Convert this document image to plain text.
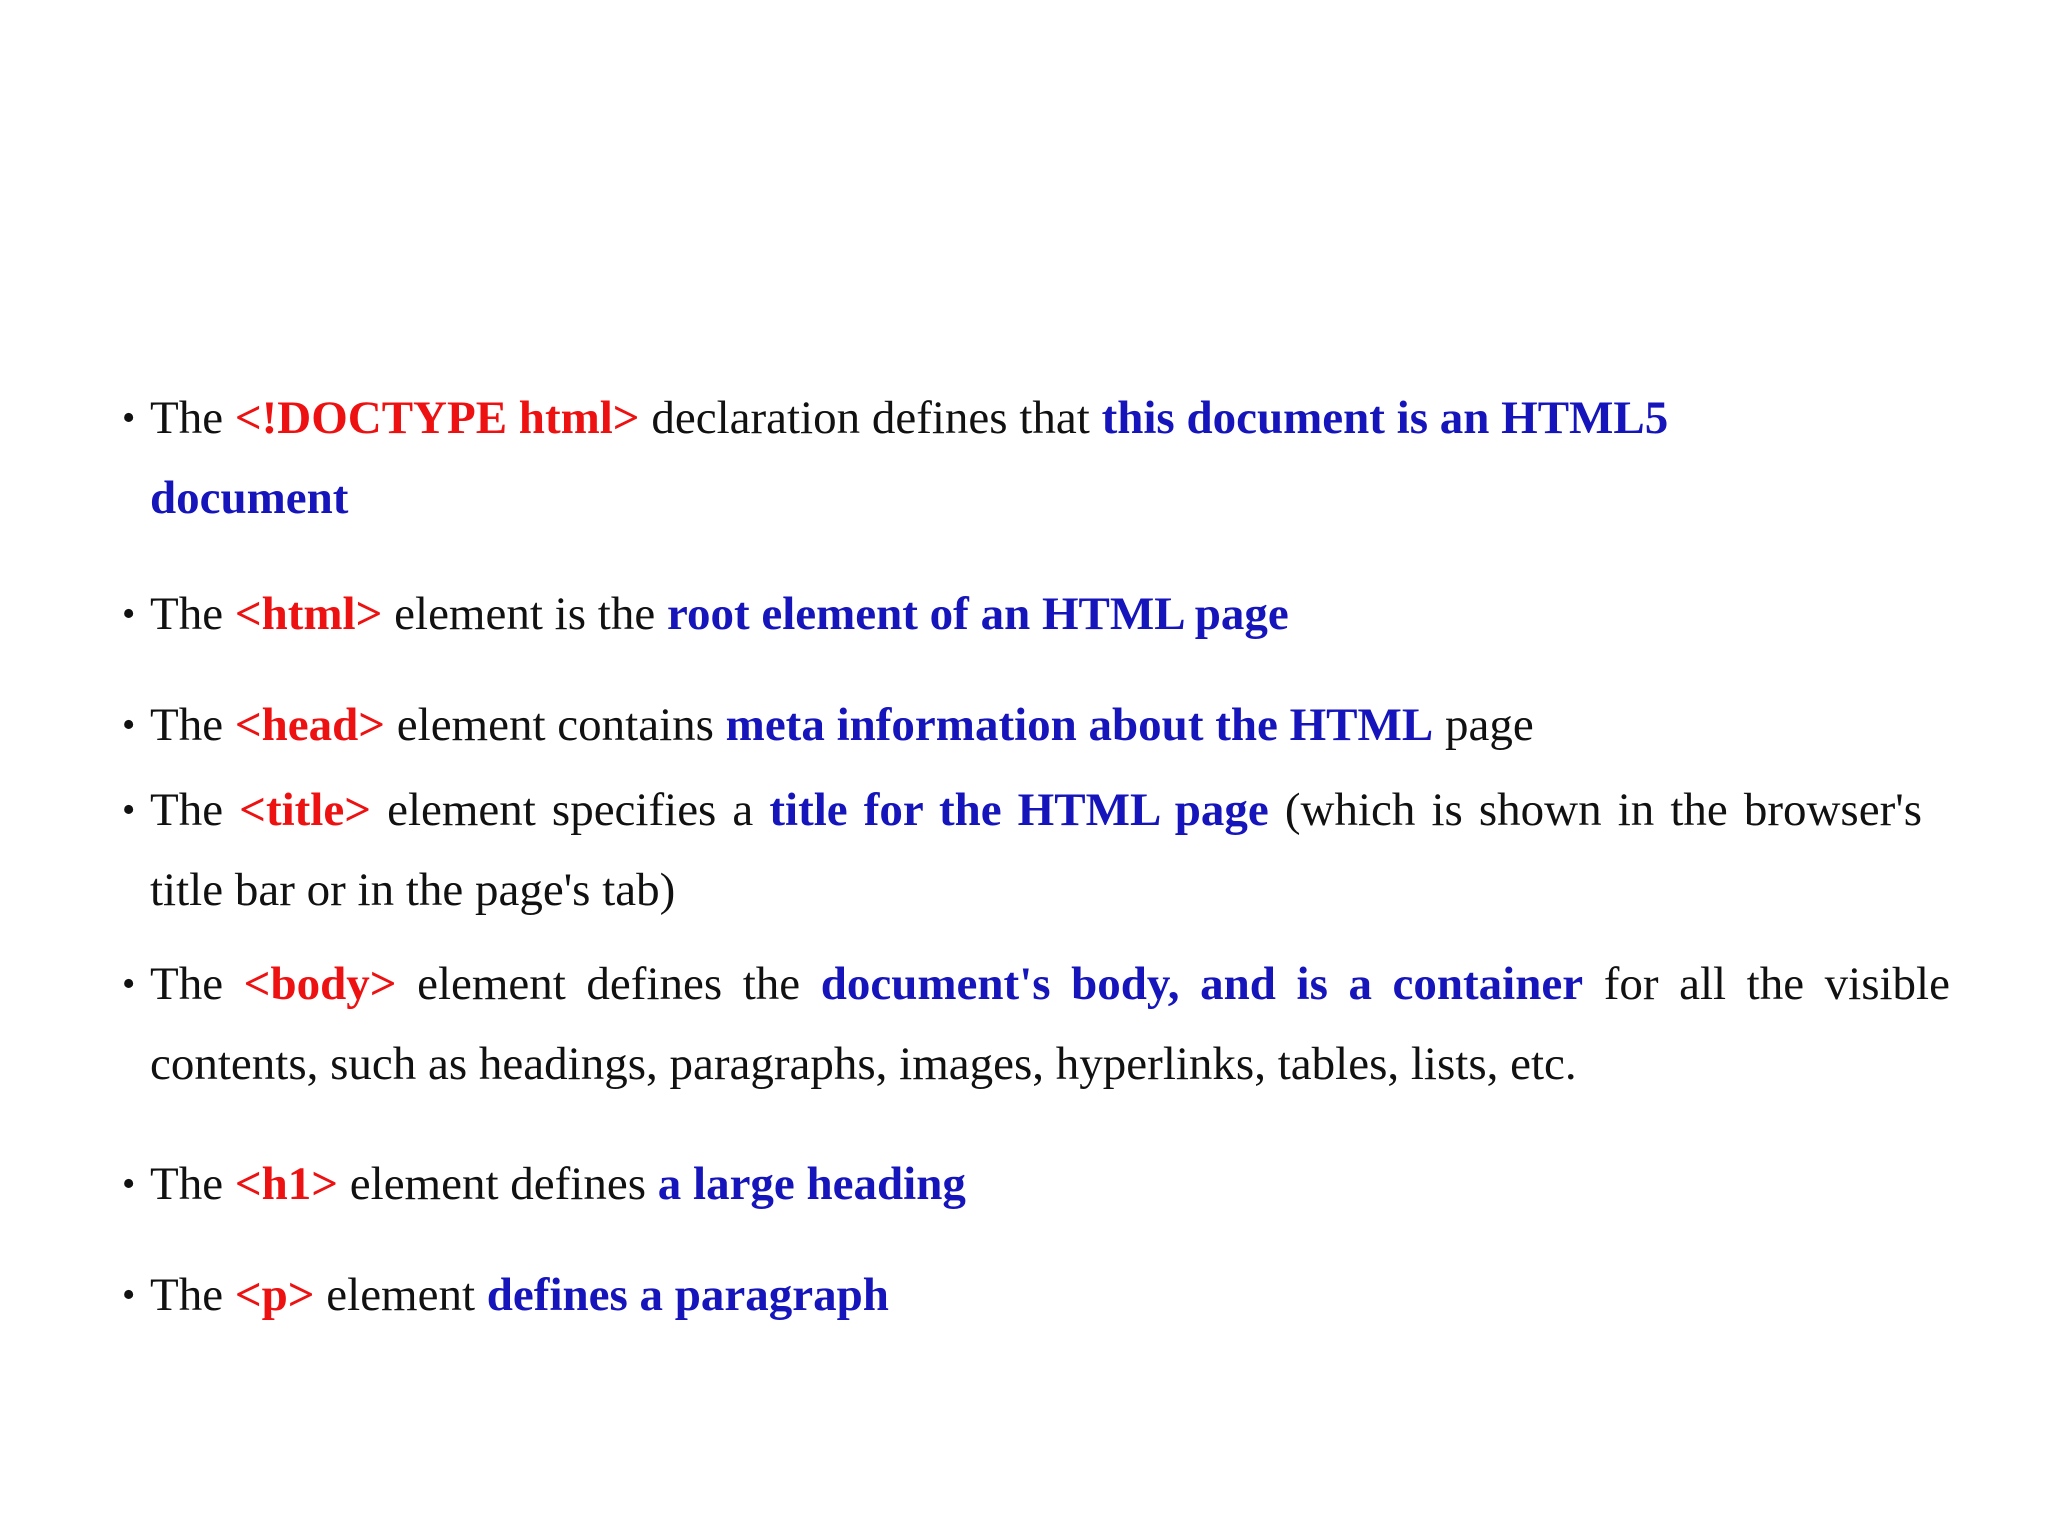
• The <!DOCTYPE html> declaration defines that this document is an HTML5
document
• The <html> element is the root element of an HTML page
• The <head> element contains meta information about the HTML page
• The <title> element specifies a title for the HTML page (which is shown in the browser's title bar or in the page's tab)
• The <body> element defines the document's body, and is a container for all the visible contents, such as headings, paragraphs, images, hyperlinks, tables, lists, etc.
• The <h1> element defines a large heading
• The <p> element defines a paragraph
